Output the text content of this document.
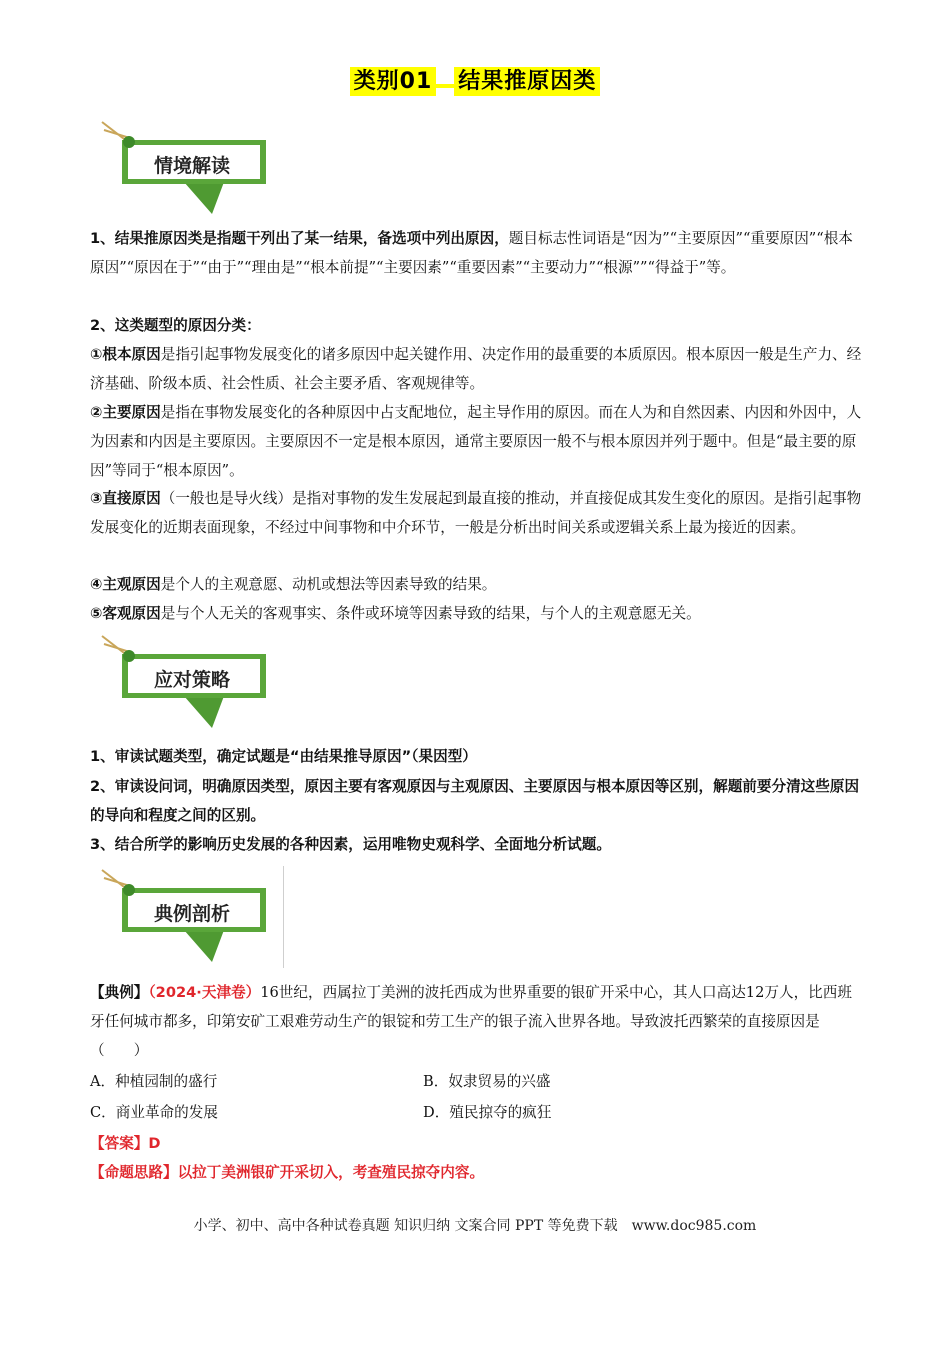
类别01 结果推原因类
情境解读

1、结果推原因类是指题干列出了某一结果，备选项中列出原因，题目标志性词语是“因为”“主要原因”“重要原因”“根本原因”“原因在于”“由于”“理由是”“根本前提”“主要因素”“重要因素”“主要动力”“根源””“得益于”等。

2、这类题型的原因分类：

①根本原因是指引起事物发展变化的诸多原因中起关键作用、决定作用的最重要的本质原因。根本原因一般是生产力、经济基础、阶级本质、社会性质、社会主要矛盾、客观规律等。

②主要原因是指在事物发展变化的各种原因中占支配地位，起主导作用的原因。而在人为和自然因素、内因和外因中，人为因素和内因是主要原因。主要原因不一定是根本原因，通常主要原因一般不与根本原因并列于题中。但是“最主要的原因”等同于“根本原因”。

③直接原因（一般也是导火线）是指对事物的发生发展起到最直接的推动，并直接促成其发生变化的原因。是指引起事物发展变化的近期表面现象，不经过中间事物和中介环节，一般是分析出时间关系或逻辑关系上最为接近的因素。

④主观原因是个人的主观意愿、动机或想法等因素导致的结果。

⑤客观原因是与个人无关的客观事实、条件或环境等因素导致的结果，与个人的主观意愿无关。

应对策略

1、审读试题类型，确定试题是“由结果推导原因”（果因型）

2、审读设问词，明确原因类型，原因主要有客观原因与主观原因、主要原因与根本原因等区别，解题前要分清这些原因的导向和程度之间的区别。

3、结合所学的影响历史发展的各种因素，运用唯物史观科学、全面地分析试题。

典例剖析

【典例】（2024·天津卷）16世纪，西属拉丁美洲的波托西成为世界重要的银矿开采中心，其人口高达12万人，比西班牙任何城市都多，印第安矿工艰难劳动生产的银锭和劳工生产的银子流入世界各地。导致波托西繁荣的直接原因是（　　）

A．种植园制的盛行	B．奴隶贸易的兴盛
C．商业革命的发展	D．殖民掠夺的疯狂

【答案】D

【命题思路】以拉丁美洲银矿开采切入，考查殖民掠夺内容。

小学、初中、高中各种试卷真题 知识归纳 文案合同 PPT 等免费下载　www.doc985.com
